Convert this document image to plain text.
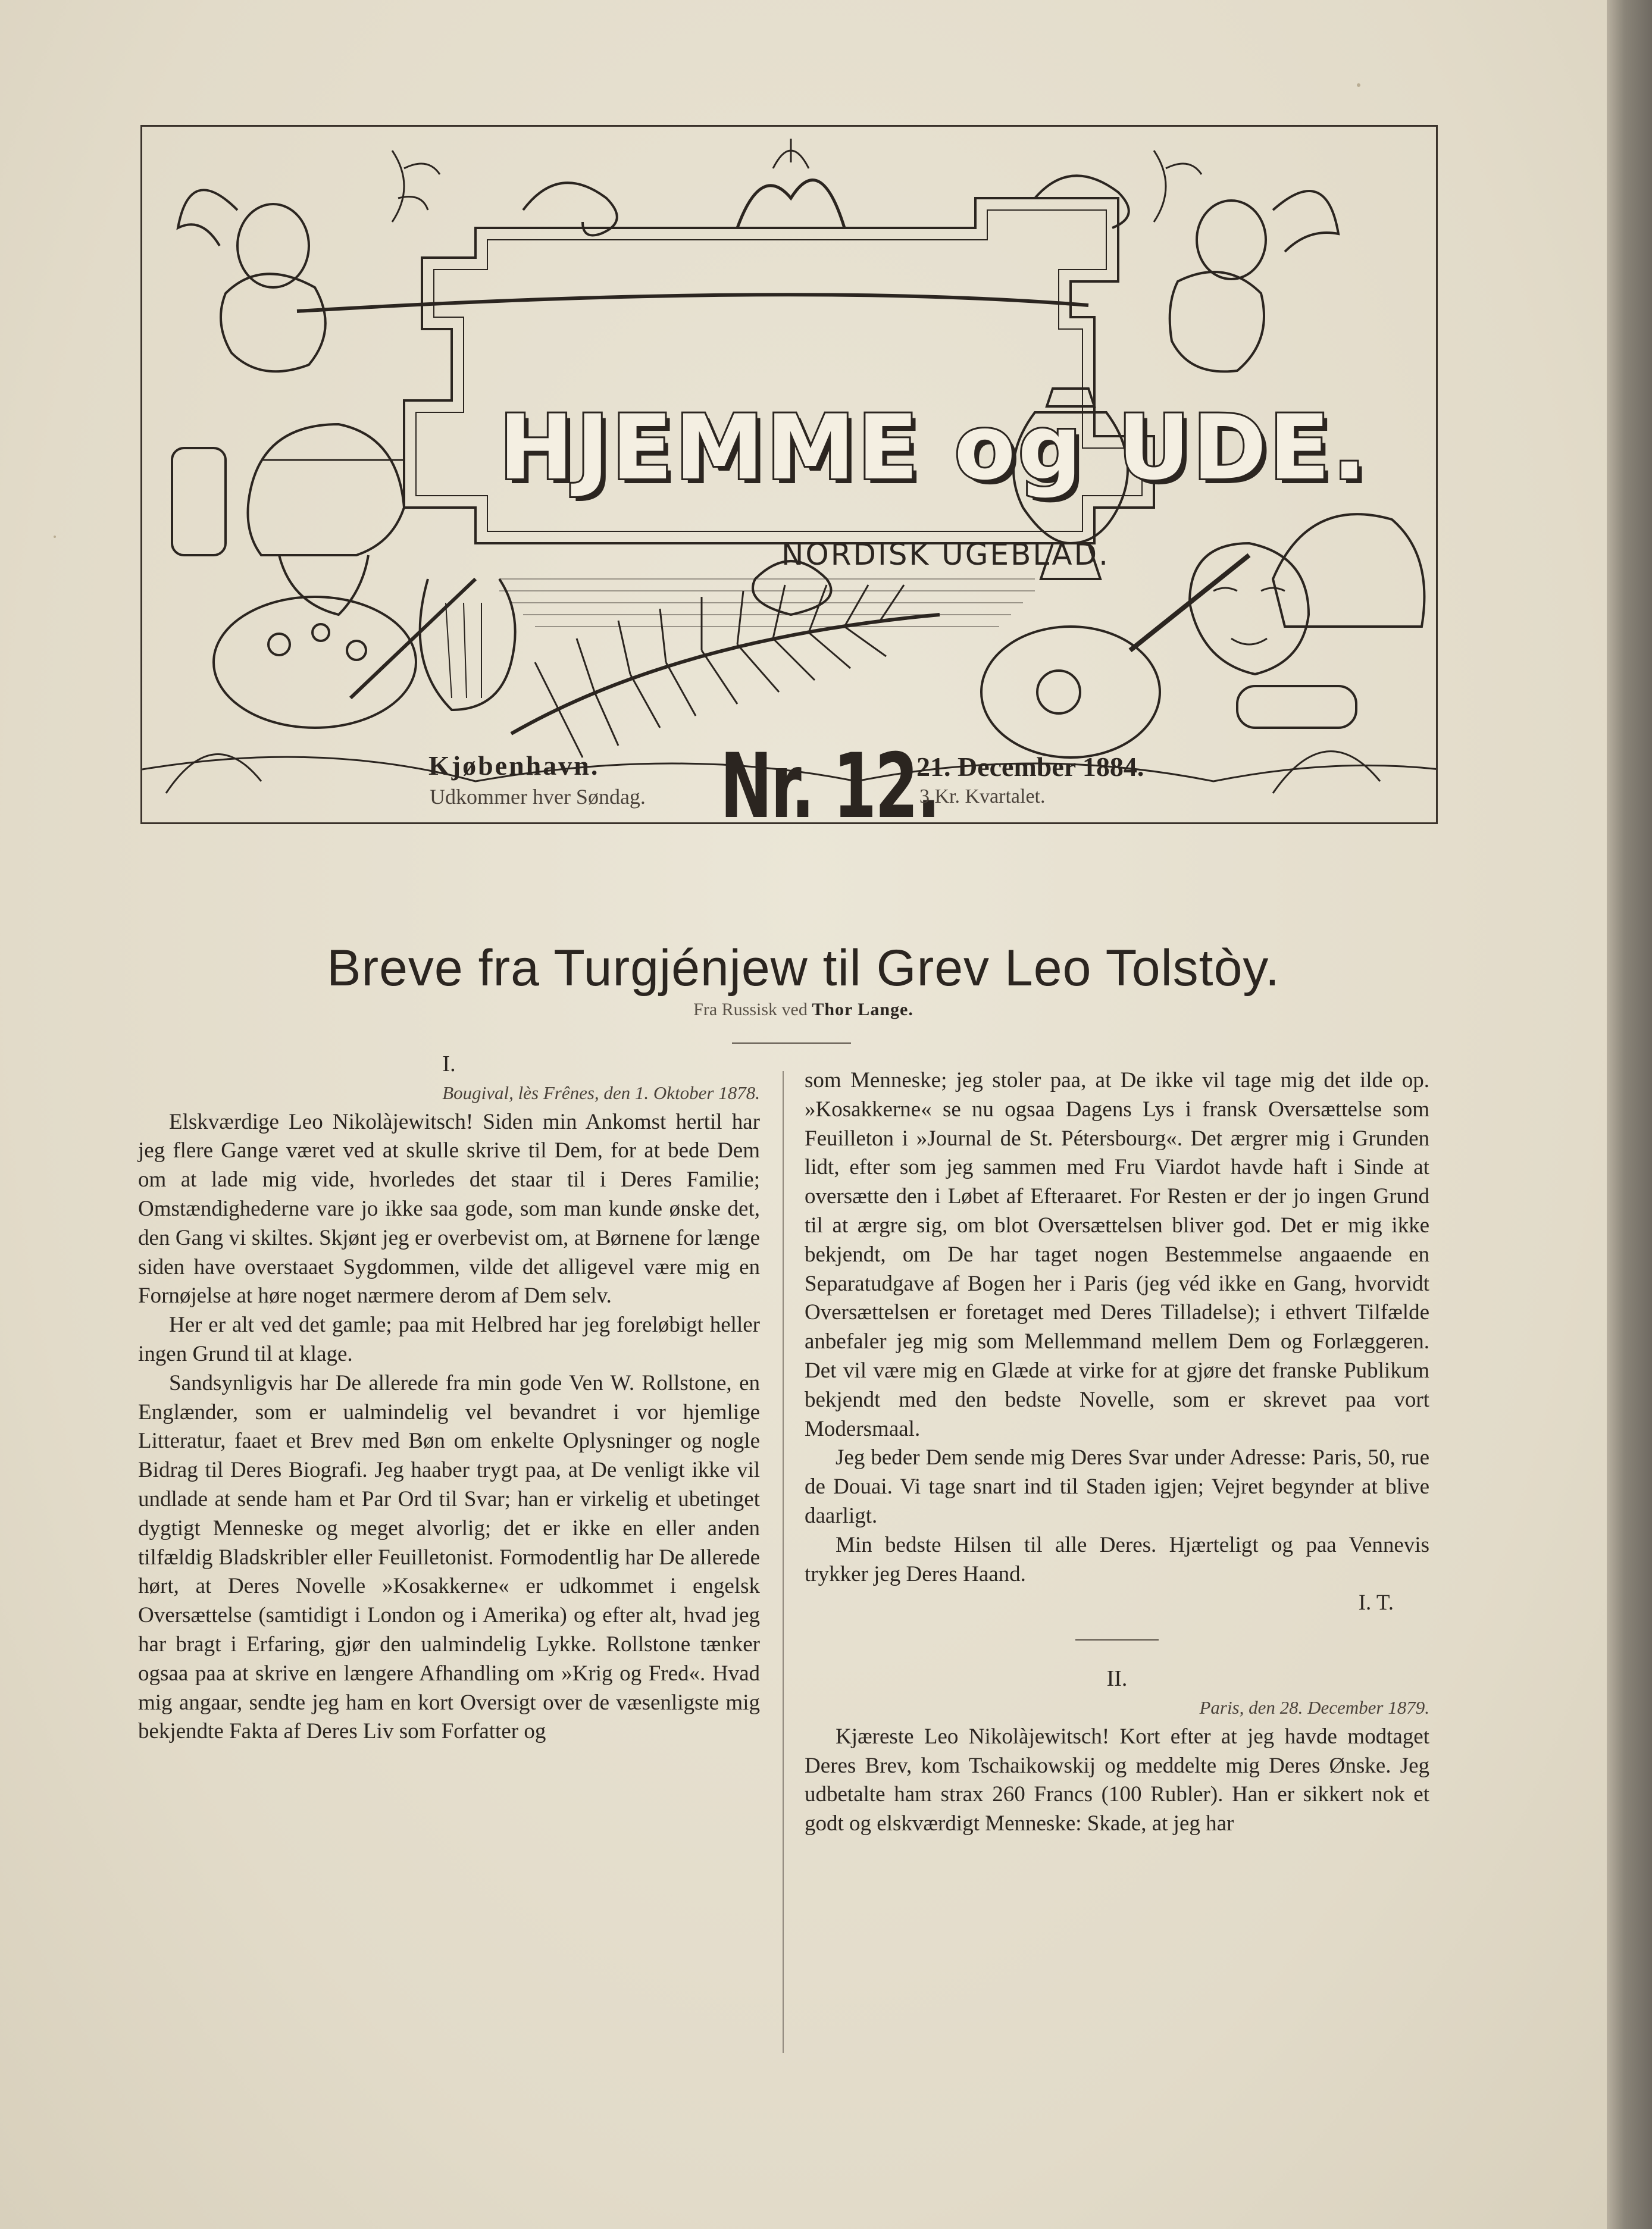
HJEMME og UDE.
NORDISK UGEBLAD.
Kjøbenhavn.
Udkommer hver Søndag. Nr. 12.
21. December 1884.
3 Kr. Kvartalet.
Breve fra Turgjénjew til Grev Leo Tolstòy.
Fra Russisk ved Thor Lange.

I.

Bougival, lès Frênes, den 1. Oktober 1878.

Elskværdige Leo Nikolàjewitsch! Siden min Ankomst hertil har jeg flere Gange været ved at skulle skrive til Dem, for at bede Dem om at lade mig vide, hvorledes det staar til i Deres Familie; Omstændighederne vare jo ikke saa gode, som man kunde ønske det, den Gang vi skiltes. Skjønt jeg er overbevist om, at Børnene for længe siden have overstaaet Sygdommen, vilde det alligevel være mig en Fornøjelse at høre noget nærmere derom af Dem selv.

Her er alt ved det gamle; paa mit Helbred har jeg foreløbigt heller ingen Grund til at klage.

Sandsynligvis har De allerede fra min gode Ven W. Rollstone, en Englænder, som er ualmindelig vel bevandret i vor hjemlige Litteratur, faaet et Brev med Bøn om enkelte Oplysninger og nogle Bidrag til Deres Biografi. Jeg haaber trygt paa, at De venligt ikke vil undlade at sende ham et Par Ord til Svar; han er virkelig et ubetinget dygtigt Menneske og meget alvorlig; det er ikke en eller anden tilfældig Bladskribler eller Feuilletonist. Formodentlig har De allerede hørt, at Deres Novelle »Kosakkerne« er udkommet i engelsk Oversættelse (samtidigt i London og i Amerika) og efter alt, hvad jeg har bragt i Erfaring, gjør den ualmindelig Lykke. Rollstone tænker ogsaa paa at skrive en længere Afhandling om »Krig og Fred«. Hvad mig angaar, sendte jeg ham en kort Oversigt over de væsenligste mig bekjendte Fakta af Deres Liv som Forfatter og

som Menneske; jeg stoler paa, at De ikke vil tage mig det ilde op. »Kosakkerne« se nu ogsaa Dagens Lys i fransk Oversættelse som Feuilleton i »Journal de St. Pétersbourg«. Det ærgrer mig i Grunden lidt, efter som jeg sammen med Fru Viardot havde haft i Sinde at oversætte den i Løbet af Efteraaret. For Resten er der jo ingen Grund til at ærgre sig, om blot Oversættelsen bliver god. Det er mig ikke bekjendt, om De har taget nogen Bestemmelse angaaende en Separatudgave af Bogen her i Paris (jeg véd ikke en Gang, hvorvidt Oversættelsen er foretaget med Deres Tilladelse); i ethvert Tilfælde anbefaler jeg mig som Mellemmand mellem Dem og Forlæggeren. Det vil være mig en Glæde at virke for at gjøre det franske Publikum bekjendt med den bedste Novelle, som er skrevet paa vort Modersmaal.

Jeg beder Dem sende mig Deres Svar under Adresse: Paris, 50, rue de Douai. Vi tage snart ind til Staden igjen; Vejret begynder at blive daarligt.

Min bedste Hilsen til alle Deres. Hjærteligt og paa Vennevis trykker jeg Deres Haand.

I. T.

II.

Paris, den 28. December 1879.

Kjæreste Leo Nikolàjewitsch! Kort efter at jeg havde modtaget Deres Brev, kom Tschaikowskij og meddelte mig Deres Ønske. Jeg udbetalte ham strax 260 Francs (100 Rubler). Han er sikkert nok et godt og elskværdigt Menneske: Skade, at jeg har
